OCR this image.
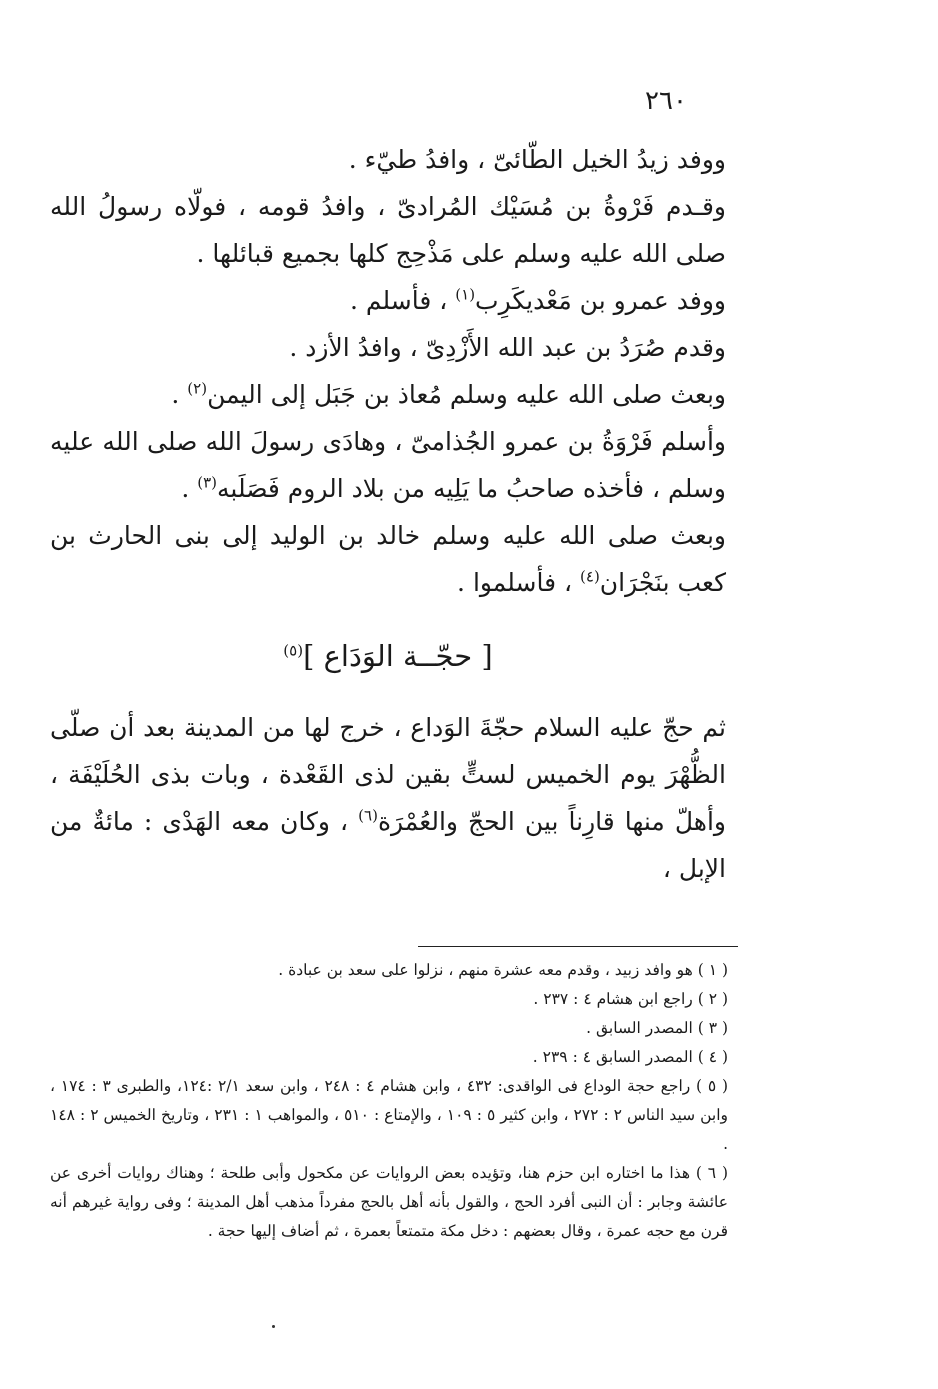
٢٦٠

ووفد زيدُ الخيل الطّائىّ ، وافدُ طيّء .

وقـدم فَرْوةُ بن مُسَيْك المُرادىّ ، وافدُ قومه ، فولّاه رسولُ الله صلى الله عليه وسلم على مَذْحِج كلها بجميع قبائلها .

ووفد عمرو بن مَعْديكَرِب$^{(١)}$ ، فأسلم .

وقدم صُرَدُ بن عبد الله الأَزْدِىّ ، وافدُ الأزد .

وبعث صلى الله عليه وسلم مُعاذ بن جَبَل إلى اليمن$^{(٢)}$ .

وأسلم فَرْوَةُ بن عمرو الجُذامىّ ، وهادَى رسولَ الله صلى الله عليه وسلم ، فأخذه صاحبُ ما يَلِيه من بلاد الروم فَصَلَبه$^{(٣)}$ .

وبعث صلى الله عليه وسلم خالد بن الوليد إلى بنى الحارث بن كعب بنَجْرَان$^{(٤)}$ ، فأسلموا .

[ حجّــة الوَدَاع ]$^{(٥)}$

ثم حجّ عليه السلام حجّةَ الوَداع ، خرج لها من المدينة بعد أن صلّى الظُّهْرَ يوم الخميس لستٍّ بقين لذى القَعْدة ، وبات بذى الحُلَيْفَة ، وأهلّ منها قارِناً بين الحجّ والعُمْرَة$^{(٦)}$ ، وكان معه الهَدْى : مائةٌ من الإبل ،

( ١ ) هو وافد زبيد ، وقدم معه عشرة منهم ، نزلوا على سعد بن عبادة .

( ٢ ) راجع ابن هشام ٤ : ٢٣٧ .

( ٣ ) المصدر السابق .

( ٤ ) المصدر السابق ٤ : ٢٣٩ .

( ٥ ) راجع حجة الوداع فى الواقدى: ٤٣٢ ، وابن هشام ٤ : ٢٤٨ ، وابن سعد ٢/١ :١٢٤، والطبرى ٣ : ١٧٤ ، وابن سيد الناس ٢ : ٢٧٢ ، وابن كثير ٥ : ١٠٩ ، والإمتاع : ٥١٠ ، والمواهب ١ : ٢٣١ ، وتاريخ الخميس ٢ : ١٤٨ .

( ٦ ) هذا ما اختاره ابن حزم هنا، وتؤيده بعض الروايات عن مكحول وأبى طلحة ؛ وهناك روايات أخرى عن عائشة وجابر : أن النبى أفرد الحج ، والقول بأنه أهل بالحج مفرداً مذهب أهل المدينة ؛ وفى رواية غيرهم أنه قرن مع حجه عمرة ، وقال بعضهم : دخل مكة متمتعاً بعمرة ، ثم أضاف إليها حجة .
